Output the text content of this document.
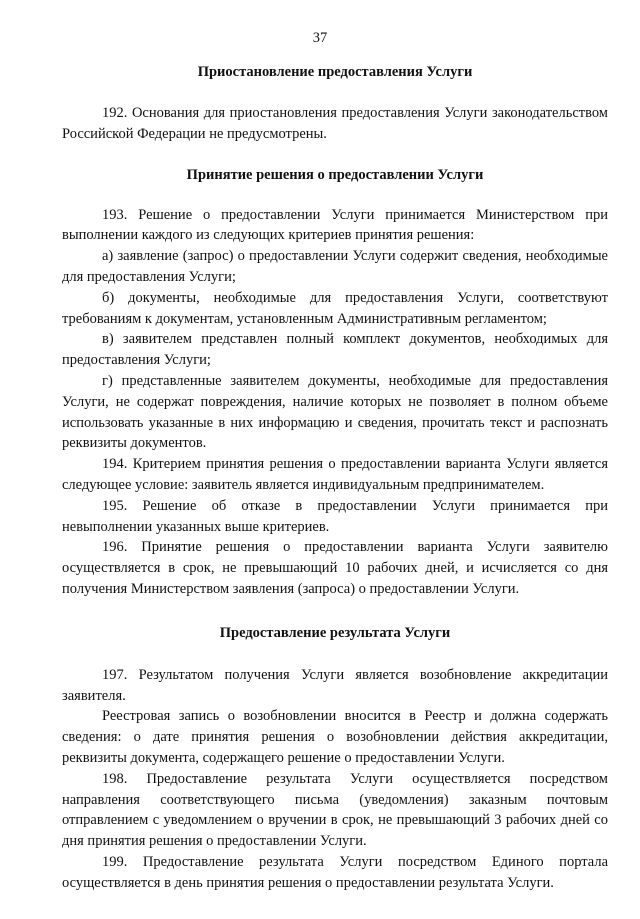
37
Приостановление предоставления Услуги

192. Основания для приостановления предоставления Услуги законодательством Российской Федерации не предусмотрены.

Принятие решения о предоставлении Услуги

193. Решение о предоставлении Услуги принимается Министерством при выполнении каждого из следующих критериев принятия решения:

а) заявление (запрос) о предоставлении Услуги содержит сведения, необходимые для предоставления Услуги;

б) документы, необходимые для предоставления Услуги, соответствуют требованиям к документам, установленным Административным регламентом;

в) заявителем представлен полный комплект документов, необходимых для предоставления Услуги;

г) представленные заявителем документы, необходимые для предоставления Услуги, не содержат повреждения, наличие которых не позволяет в полном объеме использовать указанные в них информацию и сведения, прочитать текст и распознать реквизиты документов.

194. Критерием принятия решения о предоставлении варианта Услуги является следующее условие: заявитель является индивидуальным предпринимателем.

195. Решение об отказе в предоставлении Услуги принимается при невыполнении указанных выше критериев.

196. Принятие решения о предоставлении варианта Услуги заявителю осуществляется в срок, не превышающий 10 рабочих дней, и исчисляется со дня получения Министерством заявления (запроса) о предоставлении Услуги.

Предоставление результата Услуги

197. Результатом получения Услуги является возобновление аккредитации заявителя.

Реестровая запись о возобновлении вносится в Реестр и должна содержать сведения: о дате принятия решения о возобновлении действия аккредитации, реквизиты документа, содержащего решение о предоставлении Услуги.

198. Предоставление результата Услуги осуществляется посредством направления соответствующего письма (уведомления) заказным почтовым отправлением с уведомлением о вручении в срок, не превышающий 3 рабочих дней со дня принятия решения о предоставлении Услуги.

199. Предоставление результата Услуги посредством Единого портала осуществляется в день принятия решения о предоставлении результата Услуги.
